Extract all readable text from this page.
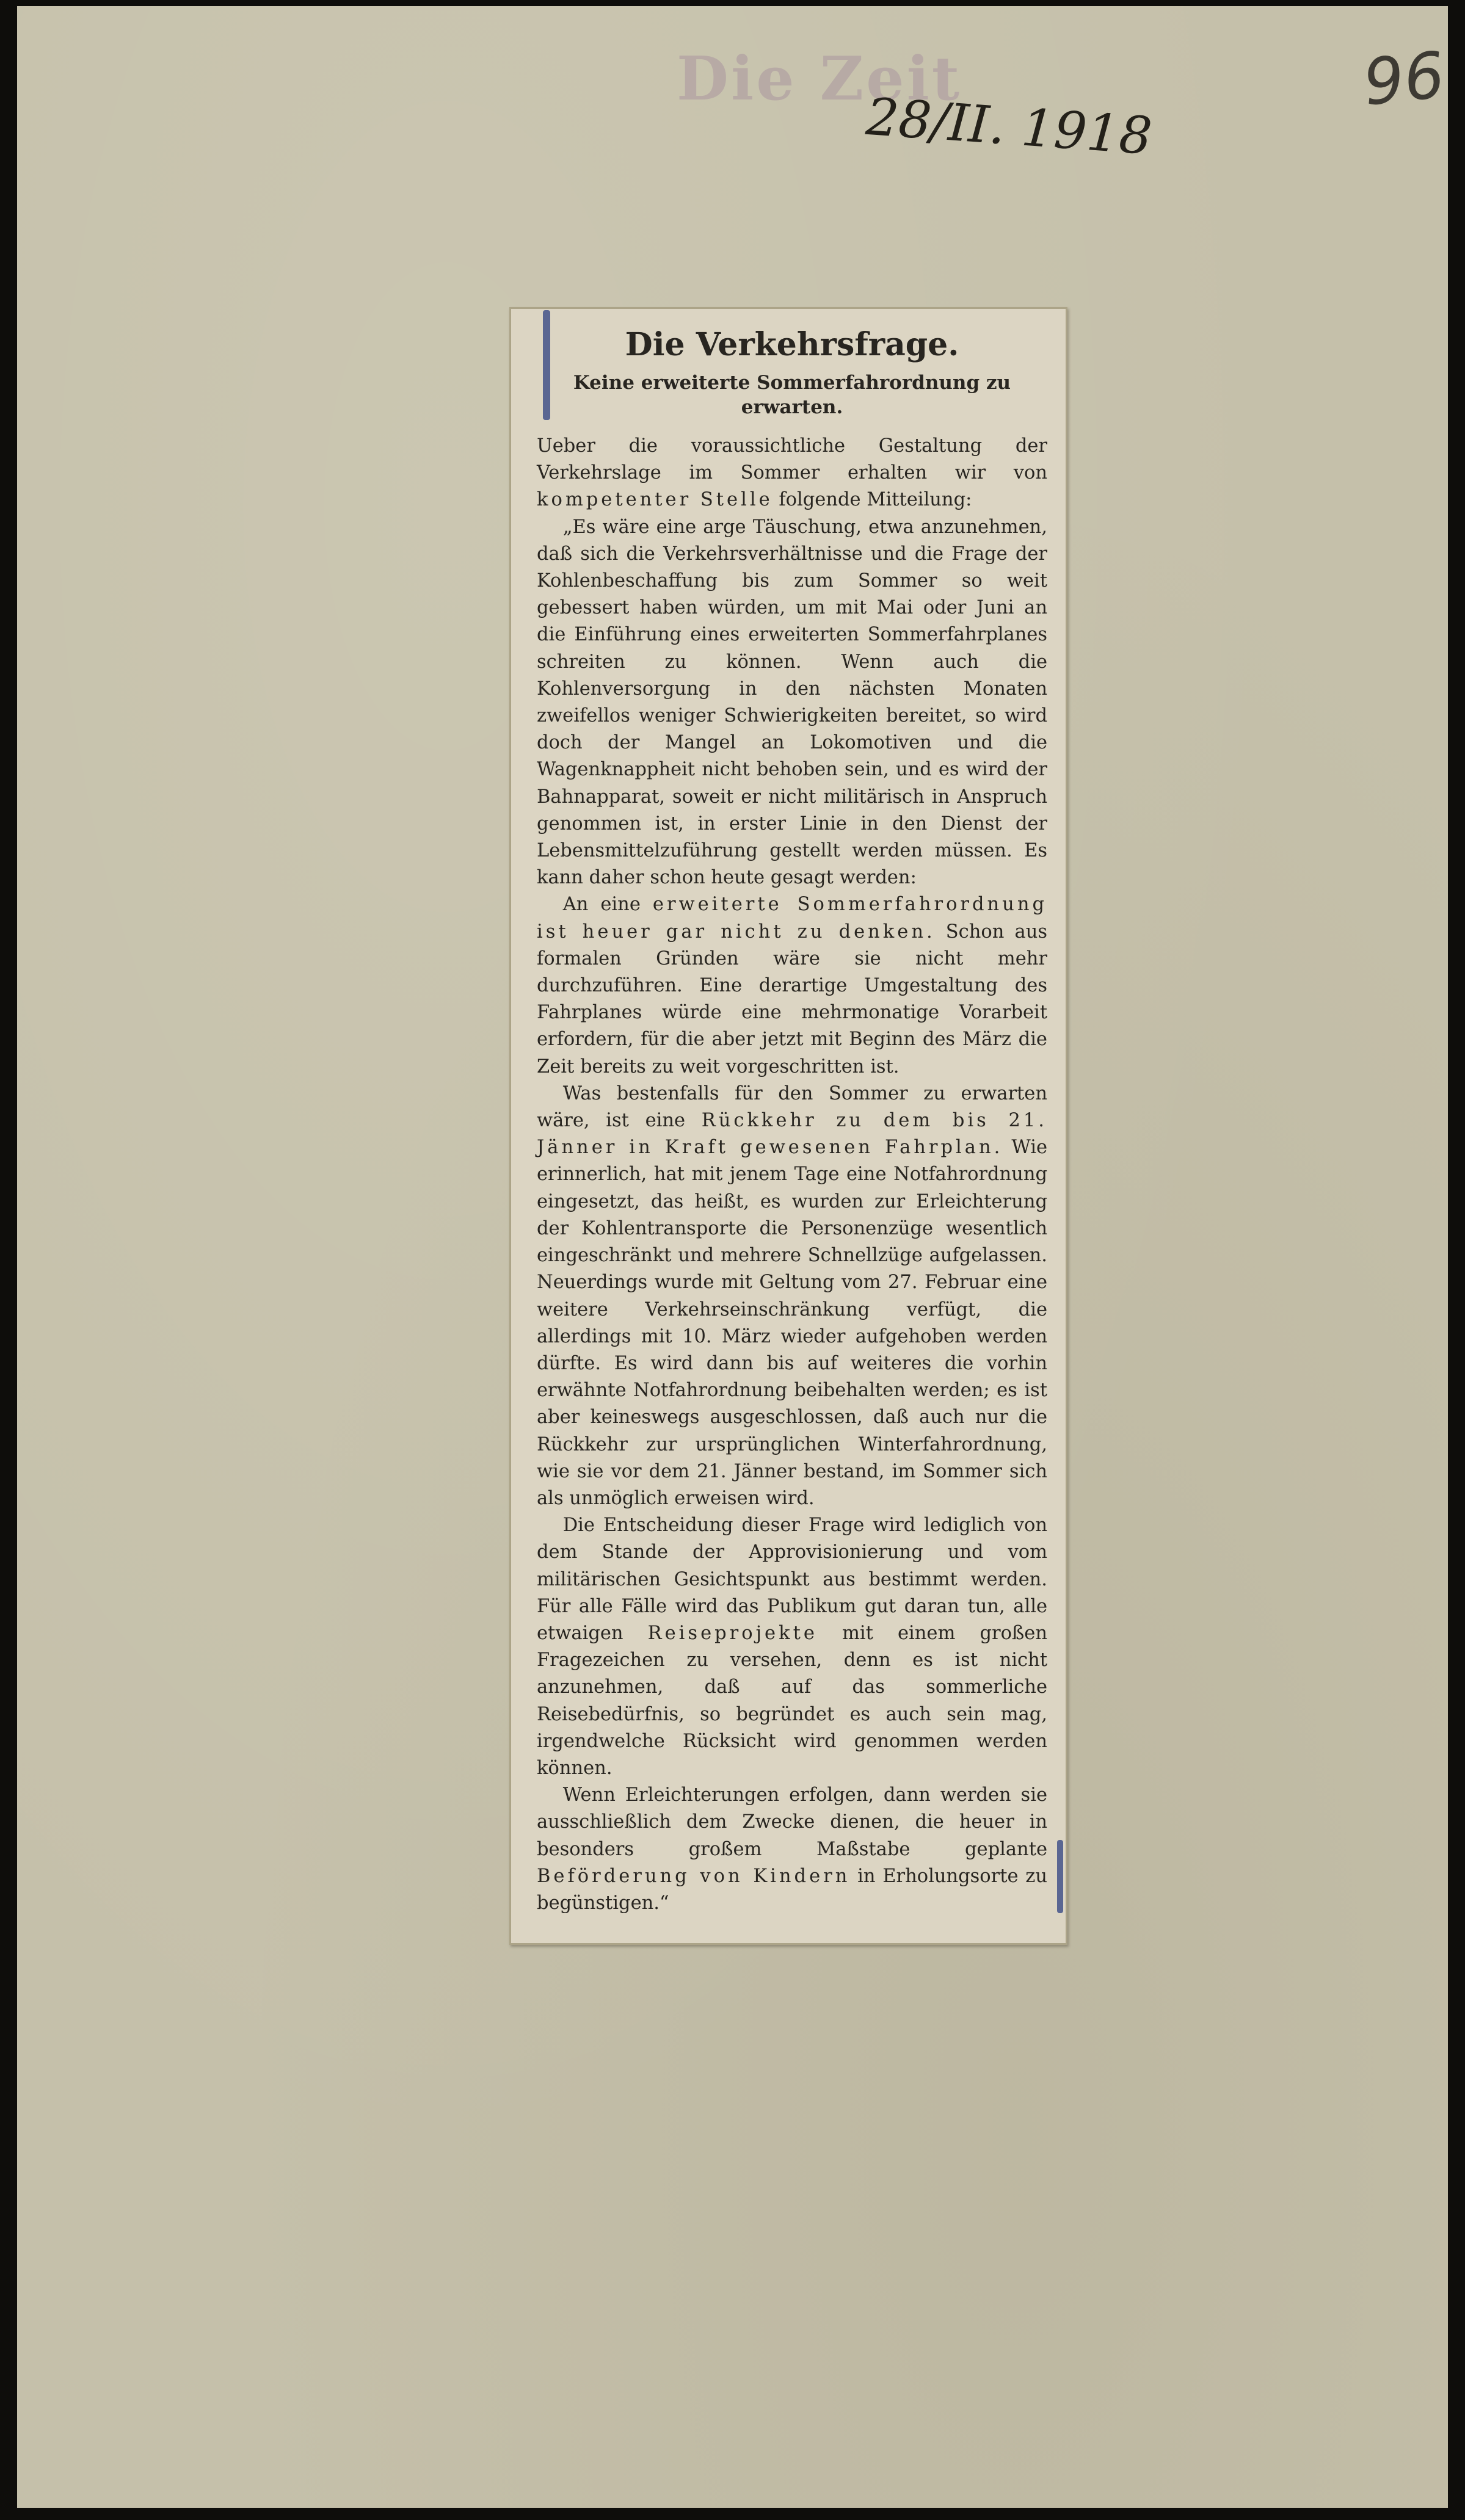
Die Zeit
28/II. 1918
96
Die Verkehrsfrage.
Keine erweiterte Sommerfahrordnung zu erwarten.

Ueber die voraussichtliche Gestaltung der Verkehrslage im Sommer erhalten wir von kompetenter Stelle folgende Mitteilung:

„Es wäre eine arge Täuschung, etwa anzunehmen, daß sich die Verkehrsverhältnisse und die Frage der Kohlenbeschaffung bis zum Sommer so weit gebessert haben würden, um mit Mai oder Juni an die Einführung eines erweiterten Sommerfahrplanes schreiten zu können. Wenn auch die Kohlenversorgung in den nächsten Monaten zweifellos weniger Schwierigkeiten bereitet, so wird doch der Mangel an Lokomotiven und die Wagenknappheit nicht behoben sein, und es wird der Bahnapparat, soweit er nicht militärisch in Anspruch genommen ist, in erster Linie in den Dienst der Lebensmittelzuführung gestellt werden müssen. Es kann daher schon heute gesagt werden:

An eine erweiterte Sommerfahrordnung ist heuer gar nicht zu denken. Schon aus formalen Gründen wäre sie nicht mehr durchzuführen. Eine derartige Umgestaltung des Fahrplanes würde eine mehrmonatige Vorarbeit erfordern, für die aber jetzt mit Beginn des März die Zeit bereits zu weit vorgeschritten ist.

Was bestenfalls für den Sommer zu erwarten wäre, ist eine Rückkehr zu dem bis 21. Jänner in Kraft gewesenen Fahrplan. Wie erinnerlich, hat mit jenem Tage eine Notfahrordnung eingesetzt, das heißt, es wurden zur Erleichterung der Kohlentransporte die Personenzüge wesentlich eingeschränkt und mehrere Schnellzüge aufgelassen. Neuerdings wurde mit Geltung vom 27. Februar eine weitere Verkehrseinschränkung verfügt, die allerdings mit 10. März wieder aufgehoben werden dürfte. Es wird dann bis auf weiteres die vorhin erwähnte Notfahrordnung beibehalten werden; es ist aber keineswegs ausgeschlossen, daß auch nur die Rückkehr zur ursprünglichen Winterfahrordnung, wie sie vor dem 21. Jänner bestand, im Sommer sich als unmöglich erweisen wird.

Die Entscheidung dieser Frage wird lediglich von dem Stande der Approvisionierung und vom militärischen Gesichtspunkt aus bestimmt werden. Für alle Fälle wird das Publikum gut daran tun, alle etwaigen Reiseprojekte mit einem großen Fragezeichen zu versehen, denn es ist nicht anzunehmen, daß auf das sommerliche Reisebedürfnis, so begründet es auch sein mag, irgendwelche Rücksicht wird genommen werden können.

Wenn Erleichterungen erfolgen, dann werden sie ausschließlich dem Zwecke dienen, die heuer in besonders großem Maßstabe geplante Beförderung von Kindern in Erholungsorte zu begünstigen.“
